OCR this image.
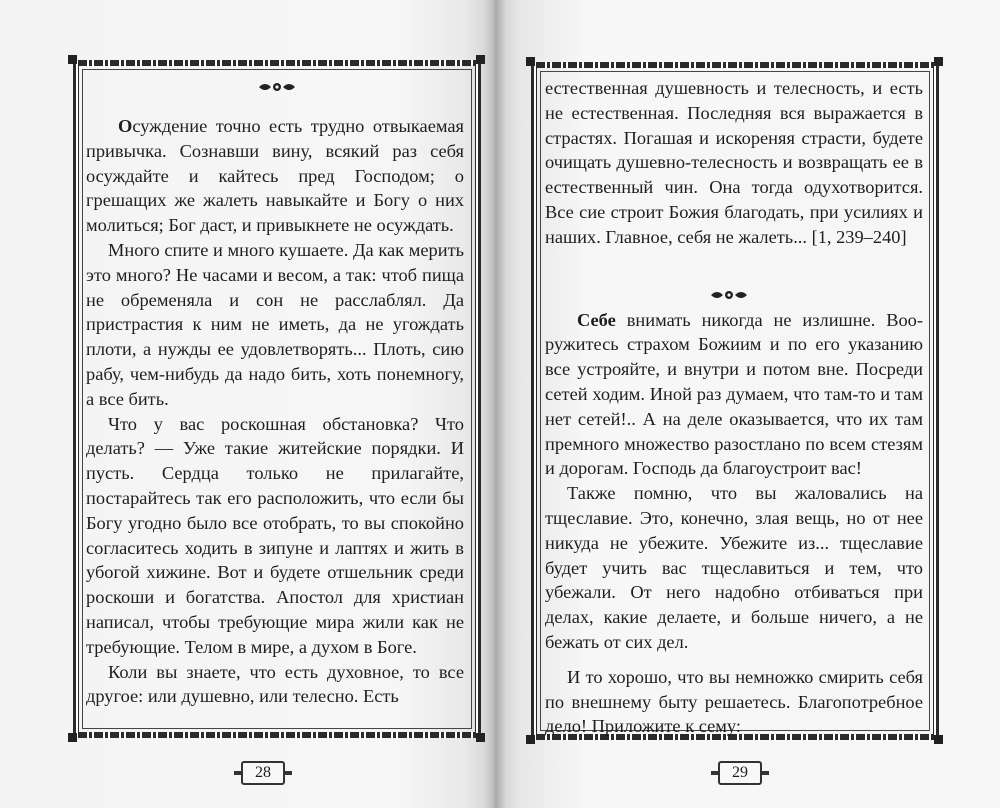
Осуждение точно есть трудно отвыкаемая привычка. Сознавши вину, всякий раз себя осуждайте и кайтесь пред Господом; о грешащих же жалеть навыкайте и Богу о них молиться; Бог даст, и привыкнете не осуждать.

Много спите и много кушаете. Да как мерить это много? Не часами и весом, а так: чтоб пища не обременяла и сон не расслаблял. Да пристрастия к ним не иметь, да не угождать плоти, а нужды ее удовлетворять... Плоть, сию рабу, чем-нибудь да надо бить, хоть понемногу, а все бить.

Что у вас роскошная обстановка? Что делать? — Уже такие житейские порядки. И пусть. Сердца только не прилагайте, постарайтесь так его расположить, что если бы Богу угодно было все отобрать, то вы спокойно согласитесь ходить в зипуне и лаптях и жить в убогой хижине. Вот и будете отшельник среди роскоши и богатства. Апостол для христиан написал, чтобы требующие мира жили как не требующие. Телом в мире, а духом в Боге.

Коли вы знаете, что есть духовное, то все другое: или душевно, или телесно. Есть

28

естественная душевность и телесность, и есть не естественная. Последняя вся выражается в страстях. Погашая и искореняя страсти, будете очищать душевно-телесность и возвращать ее в естественный чин. Она тогда одухотворится. Все сие строит Божия благодать, при усилиях и наших. Главное, себя не жалеть... [1, 239–240]

Себе внимать никогда не излишне. Вооружитесь страхом Божиим и по его указанию все устрояйте, и внутри и потом вне. Посреди сетей ходим. Иной раз думаем, что там-то и там нет сетей!.. А на деле оказывается, что их там премного множество разостлано по всем стезям и дорогам. Господь да благоустроит вас!

Также помню, что вы жаловались на тщеславие. Это, конечно, злая вещь, но от нее никуда не убежите. Убежите из... тщеславие будет учить вас тщеславиться и тем, что убежали. От него надобно отбиваться при делах, какие делаете, и больше ничего, а не бежать от сих дел.

И то хорошо, что вы немножко смирить себя по внешнему быту решаетесь. Благопотребное дело! Приложите к сему:

29
